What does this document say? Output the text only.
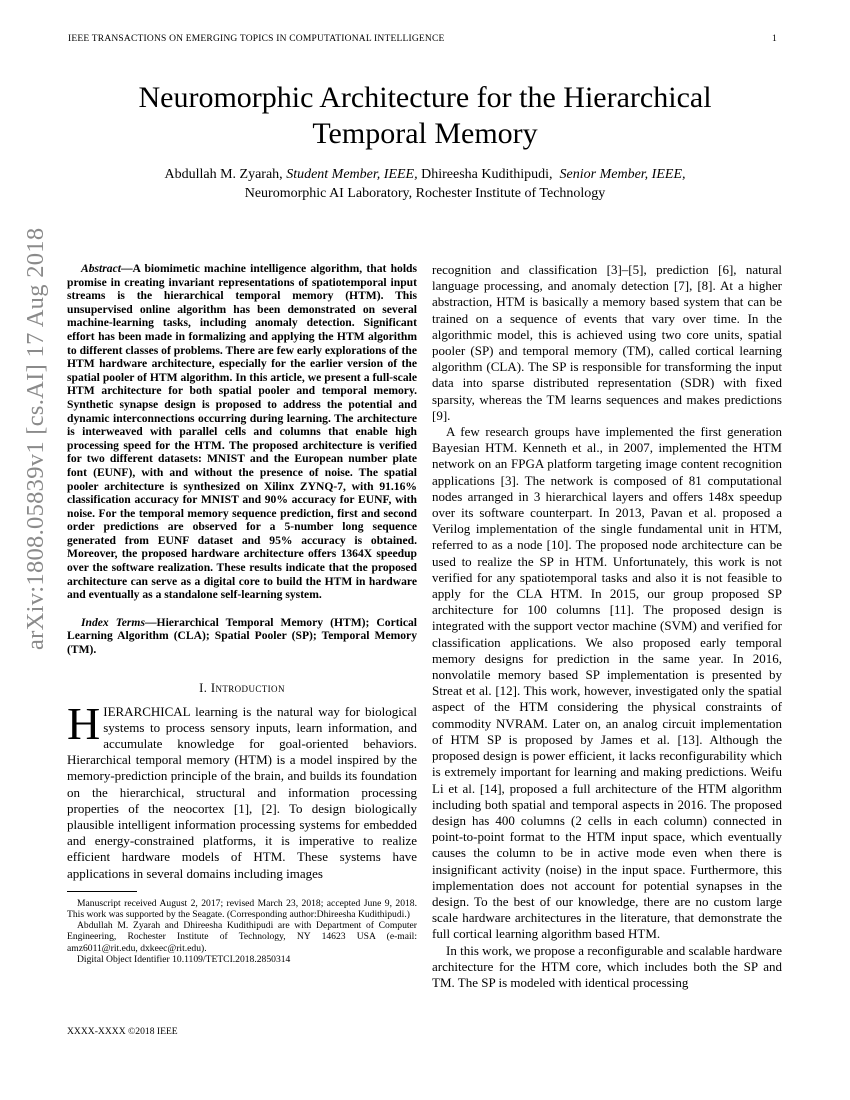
IEEE TRANSACTIONS ON EMERGING TOPICS IN COMPUTATIONAL INTELLIGENCE	1
arXiv:1808.05839v1 [cs.AI] 17 Aug 2018
Neuromorphic Architecture for the Hierarchical
Temporal Memory
Abdullah M. Zyarah, Student Member, IEEE, Dhireesha Kudithipudi, Senior Member, IEEE,
Neuromorphic AI Laboratory, Rochester Institute of Technology

Abstract—A biomimetic machine intelligence algorithm, that holds promise in creating invariant representations of spatiotemporal input streams is the hierarchical temporal memory (HTM). This unsupervised online algorithm has been demonstrated on several machine-learning tasks, including anomaly detection. Significant effort has been made in formalizing and applying the HTM algorithm to different classes of problems. There are few early explorations of the HTM hardware architecture, especially for the earlier version of the spatial pooler of HTM algorithm. In this article, we present a full-scale HTM architecture for both spatial pooler and temporal memory. Synthetic synapse design is proposed to address the potential and dynamic interconnections occurring during learning. The architecture is interweaved with parallel cells and columns that enable high processing speed for the HTM. The proposed architecture is verified for two different datasets: MNIST and the European number plate font (EUNF), with and without the presence of noise. The spatial pooler architecture is synthesized on Xilinx ZYNQ-7, with 91.16% classification accuracy for MNIST and 90% accuracy for EUNF, with noise. For the temporal memory sequence prediction, first and second order predictions are observed for a 5-number long sequence generated from EUNF dataset and 95% accuracy is obtained. Moreover, the proposed hardware architecture offers 1364X speedup over the software realization. These results indicate that the proposed architecture can serve as a digital core to build the HTM in hardware and eventually as a standalone self-learning system.

Index Terms—Hierarchical Temporal Memory (HTM); Cortical Learning Algorithm (CLA); Spatial Pooler (SP); Temporal Memory (TM).

I. Introduction

HIERARCHICAL learning is the natural way for biological systems to process sensory inputs, learn information, and accumulate knowledge for goal-oriented behaviors. Hierarchical temporal memory (HTM) is a model inspired by the memory-prediction principle of the brain, and builds its foundation on the hierarchical, structural and information processing properties of the neocortex [1], [2]. To design biologically plausible intelligent information processing systems for embedded and energy-constrained platforms, it is imperative to realize efficient hardware models of HTM. These systems have applications in several domains including images

Manuscript received August 2, 2017; revised March 23, 2018; accepted June 9, 2018. This work was supported by the Seagate. (Corresponding author:Dhireesha Kudithipudi.)

Abdullah M. Zyarah and Dhireesha Kudithipudi are with Department of Computer Engineering, Rochester Institute of Technology, NY 14623 USA (e-mail: amz6011@rit.edu, dxkeec@rit.edu).

Digital Object Identifier 10.1109/TETCI.2018.2850314

XXXX-XXXX ©2018 IEEE

recognition and classification [3]–[5], prediction [6], natural language processing, and anomaly detection [7], [8]. At a higher abstraction, HTM is basically a memory based system that can be trained on a sequence of events that vary over time. In the algorithmic model, this is achieved using two core units, spatial pooler (SP) and temporal memory (TM), called cortical learning algorithm (CLA). The SP is responsible for transforming the input data into sparse distributed representation (SDR) with fixed sparsity, whereas the TM learns sequences and makes predictions [9].

A few research groups have implemented the first generation Bayesian HTM. Kenneth et al., in 2007, implemented the HTM network on an FPGA platform targeting image content recognition applications [3]. The network is composed of 81 computational nodes arranged in 3 hierarchical layers and offers 148x speedup over its software counterpart. In 2013, Pavan et al. proposed a Verilog implementation of the single fundamental unit in HTM, referred to as a node [10]. The proposed node architecture can be used to realize the SP in HTM. Unfortunately, this work is not verified for any spatiotemporal tasks and also it is not feasible to apply for the CLA HTM. In 2015, our group proposed SP architecture for 100 columns [11]. The proposed design is integrated with the support vector machine (SVM) and verified for classification applications. We also proposed early temporal memory designs for prediction in the same year. In 2016, nonvolatile memory based SP implementation is presented by Streat et al. [12]. This work, however, investigated only the spatial aspect of the HTM considering the physical constraints of commodity NVRAM. Later on, an analog circuit implementation of HTM SP is proposed by James et al. [13]. Although the proposed design is power efficient, it lacks reconfigurability which is extremely important for learning and making predictions. Weifu Li et al. [14], proposed a full architecture of the HTM algorithm including both spatial and temporal aspects in 2016. The proposed design has 400 columns (2 cells in each column) connected in point-to-point format to the HTM input space, which eventually causes the column to be in active mode even when there is insignificant activity (noise) in the input space. Furthermore, this implementation does not account for potential synapses in the design. To the best of our knowledge, there are no custom large scale hardware architectures in the literature, that demonstrate the full cortical learning algorithm based HTM.

In this work, we propose a reconfigurable and scalable hardware architecture for the HTM core, which includes both the SP and TM. The SP is modeled with identical processing
